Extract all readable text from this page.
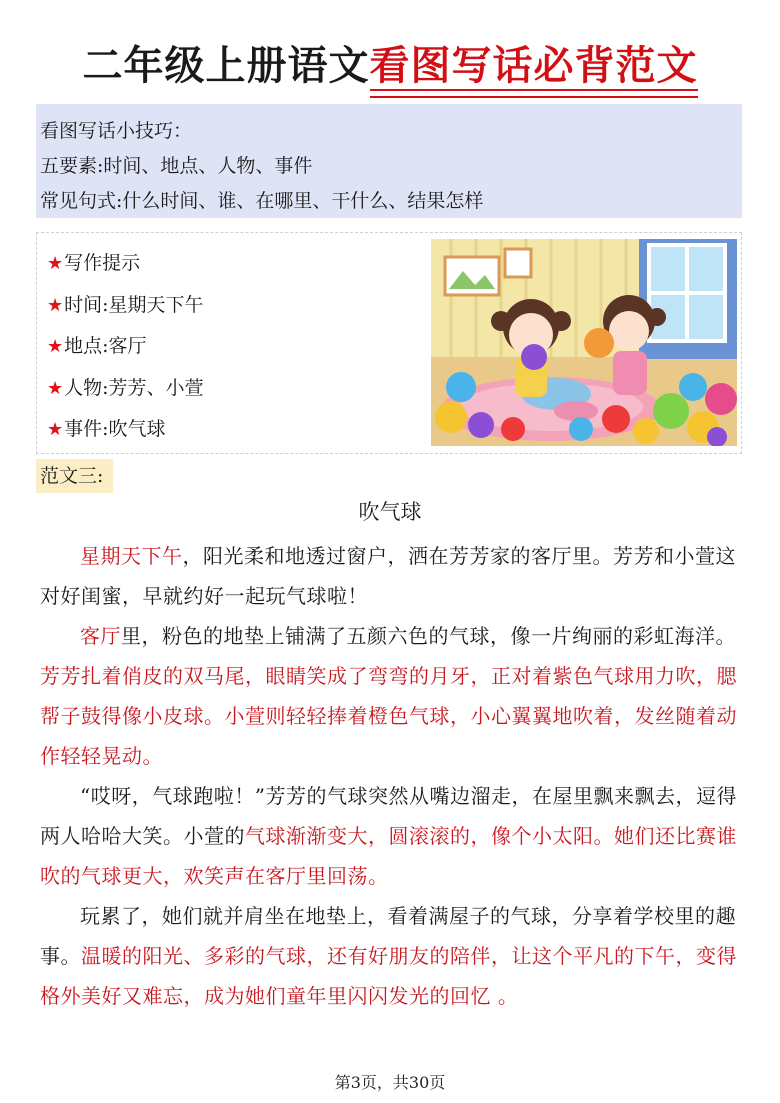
二年级上册语文看图写话必背范文
看图写话小技巧：
五要素:时间、地点、人物、事件
常见句式:什么时间、谁、在哪里、干什么、结果怎样
★写作提示
★时间:星期天下午
★地点:客厅
★人物:芳芳、小萱
★事件:吹气球
范文三:
吹气球

星期天下午，阳光柔和地透过窗户，洒在芳芳家的客厅里。芳芳和小萱这对好闺蜜，早就约好一起玩气球啦！

客厅里，粉色的地垫上铺满了五颜六色的气球，像一片绚丽的彩虹海洋。芳芳扎着俏皮的双马尾，眼睛笑成了弯弯的月牙，正对着紫色气球用力吹，腮帮子鼓得像小皮球。小萱则轻轻捧着橙色气球，小心翼翼地吹着，发丝随着动作轻轻晃动。

“哎呀，气球跑啦！”芳芳的气球突然从嘴边溜走，在屋里飘来飘去，逗得两人哈哈大笑。小萱的气球渐渐变大，圆滚滚的，像个小太阳。她们还比赛谁吹的气球更大，欢笑声在客厅里回荡。

玩累了，她们就并肩坐在地垫上，看着满屋子的气球，分享着学校里的趣事。温暖的阳光、多彩的气球，还有好朋友的陪伴，让这个平凡的下午，变得格外美好又难忘，成为她们童年里闪闪发光的回忆 。

第3页，共30页
